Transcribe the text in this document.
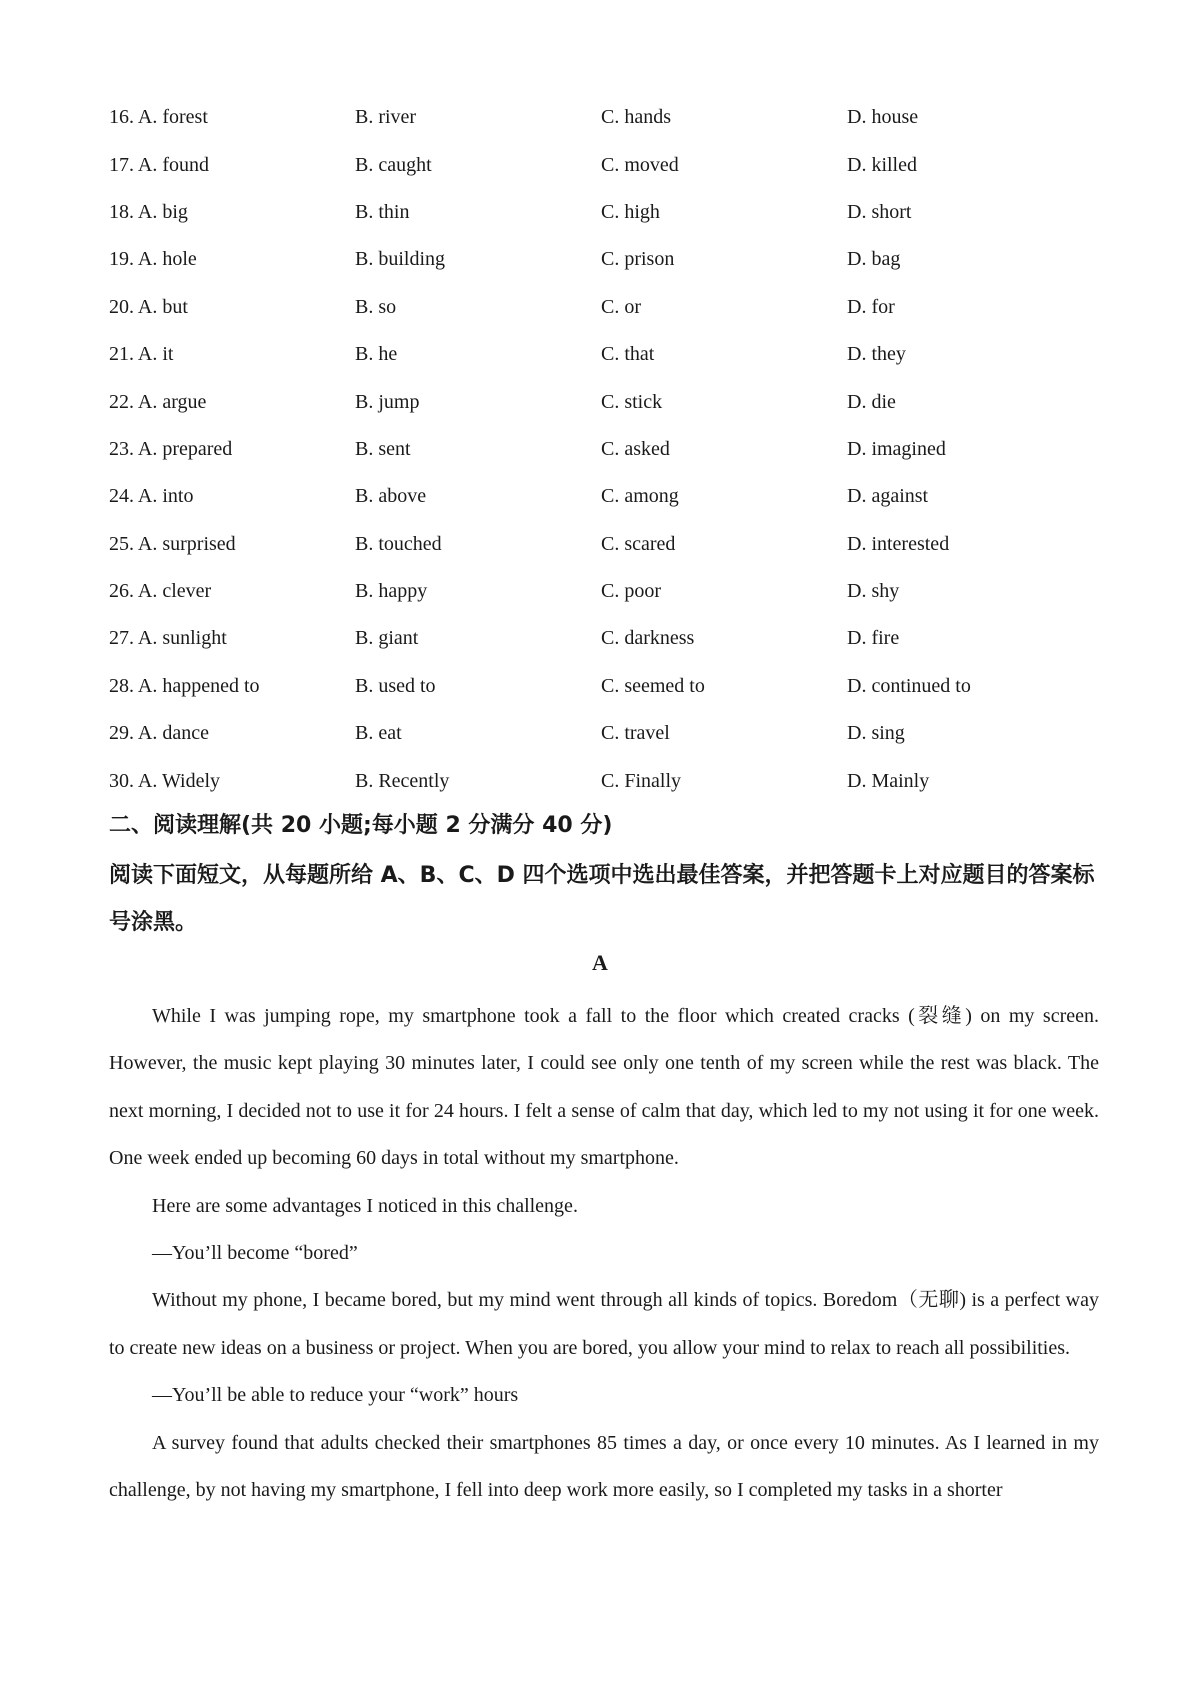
16. A. forest	B. river	C. hands	D. house
17. A. found	B. caught	C. moved	D. killed
18. A. big	B. thin	C. high	D. short
19. A. hole	B. building	C. prison	D. bag
20. A. but	B. so	C. or	D. for
21. A. it	B. he	C. that	D. they
22. A. argue	B. jump	C. stick	D. die
23. A. prepared	B. sent	C. asked	D. imagined
24. A. into	B. above	C. among	D. against
25. A. surprised	B. touched	C. scared	D. interested
26. A. clever	B. happy	C. poor	D. shy
27. A. sunlight	B. giant	C. darkness	D. fire
28. A. happened to	B. used to	C. seemed to	D. continued to
29. A. dance	B. eat	C. travel	D. sing
30. A. Widely	B. Recently	C. Finally	D. Mainly
二、阅读理解(共 20 小题;每小题 2 分满分 40 分)
阅读下面短文，从每题所给 A、B、C、D 四个选项中选出最佳答案，并把答题卡上对应题目的答案标号涂黑。
A

While I was jumping rope, my smartphone took a fall to the floor which created cracks (裂缝) on my screen. However, the music kept playing 30 minutes later, I could see only one tenth of my screen while the rest was black. The next morning, I decided not to use it for 24 hours. I felt a sense of calm that day, which led to my not using it for one week. One week ended up becoming 60 days in total without my smartphone.

Here are some advantages I noticed in this challenge.

—You’ll become “bored”

Without my phone, I became bored, but my mind went through all kinds of topics. Boredom（无聊) is a perfect way to create new ideas on a business or project. When you are bored, you allow your mind to relax to reach all possibilities.

—You’ll be able to reduce your “work” hours

A survey found that adults checked their smartphones 85 times a day, or once every 10 minutes. As I learned in my challenge, by not having my smartphone, I fell into deep work more easily, so I completed my tasks in a shorter
